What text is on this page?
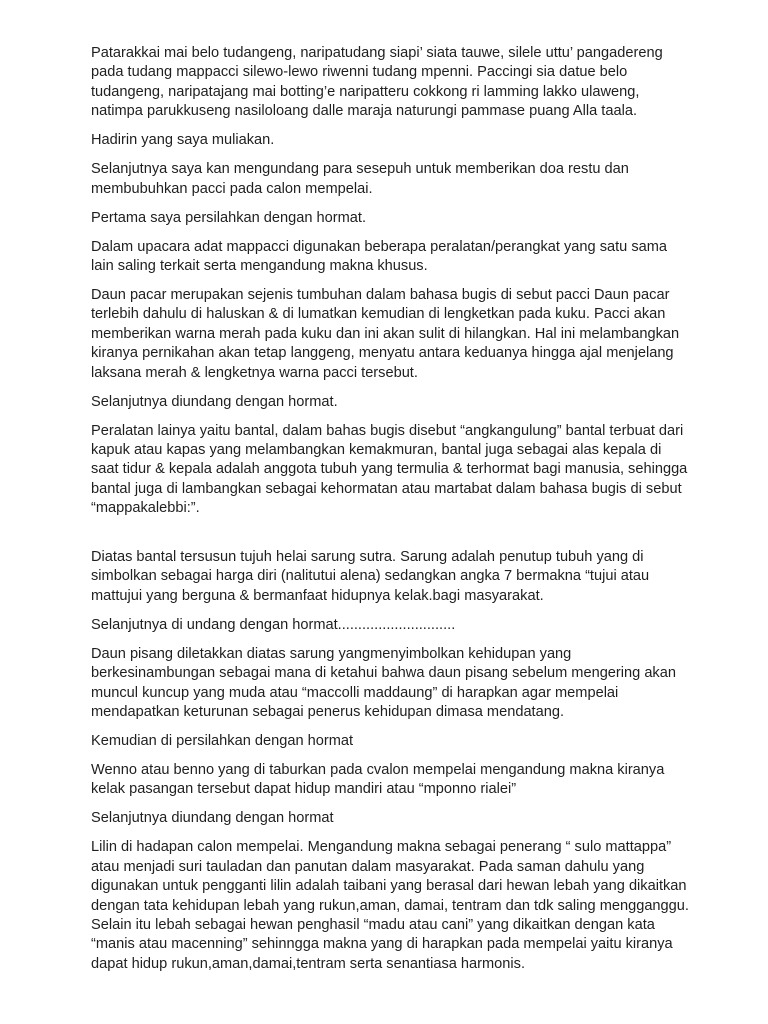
Patarakkai mai belo tudangeng, naripatudang siapi’ siata tauwe, silele uttu’ pangadereng pada tudang mappacci silewo-lewo riwenni tudang mpenni. Paccingi sia datue belo tudangeng, naripatajang mai botting’e naripatteru cokkong ri lamming lakko ulaweng, natimpa parukkuseng nasiloloang dalle maraja naturungi pammase puang Alla taala.

Hadirin yang saya muliakan.

Selanjutnya saya kan mengundang para sesepuh untuk memberikan doa restu dan membubuhkan pacci pada calon mempelai.

Pertama saya persilahkan dengan hormat.

Dalam upacara adat mappacci digunakan beberapa peralatan/perangkat yang satu sama lain saling terkait serta mengandung makna khusus.

Daun pacar merupakan sejenis tumbuhan dalam bahasa bugis di sebut pacci Daun pacar terlebih dahulu di haluskan & di lumatkan kemudian di lengketkan pada kuku. Pacci akan memberikan warna merah pada kuku dan ini akan sulit di hilangkan. Hal ini melambangkan kiranya pernikahan akan tetap langgeng, menyatu antara keduanya hingga ajal menjelang laksana merah & lengketnya warna pacci tersebut.

Selanjutnya diundang dengan hormat.

Peralatan lainya yaitu bantal, dalam bahas bugis disebut “angkangulung” bantal terbuat dari kapuk atau kapas yang melambangkan kemakmuran, bantal juga sebagai alas kepala di saat tidur & kepala adalah anggota tubuh yang termulia & terhormat bagi manusia, sehingga bantal juga di lambangkan sebagai kehormatan atau martabat dalam bahasa bugis di sebut “mappakalebbi:”.

Diatas bantal tersusun tujuh helai sarung sutra. Sarung adalah penutup tubuh yang di simbolkan sebagai harga diri (nalitutui alena) sedangkan angka 7 bermakna “tujui atau mattujui yang berguna & bermanfaat hidupnya kelak.bagi masyarakat.

Selanjutnya di undang dengan hormat.............................

Daun pisang diletakkan diatas sarung yangmenyimbolkan kehidupan yang berkesinambungan sebagai mana di ketahui bahwa daun pisang sebelum mengering akan muncul kuncup yang muda atau “maccolli maddaung” di harapkan agar mempelai mendapatkan keturunan sebagai penerus kehidupan dimasa mendatang.

Kemudian di persilahkan dengan hormat

Wenno atau benno yang di taburkan pada cvalon mempelai mengandung makna kiranya kelak pasangan tersebut dapat hidup mandiri atau “mponno rialei”

Selanjutnya diundang dengan hormat

Lilin di hadapan calon mempelai. Mengandung makna sebagai penerang “ sulo mattappa” atau menjadi suri tauladan dan panutan dalam masyarakat. Pada saman dahulu yang digunakan untuk pengganti lilin adalah taibani yang berasal dari hewan lebah yang dikaitkan dengan tata kehidupan lebah yang rukun,aman, damai, tentram dan tdk saling mengganggu. Selain itu lebah sebagai hewan penghasil “madu atau cani” yang dikaitkan dengan kata “manis atau macenning” sehinngga makna yang di harapkan pada mempelai yaitu kiranya dapat hidup rukun,aman,damai,tentram serta senantiasa harmonis.
